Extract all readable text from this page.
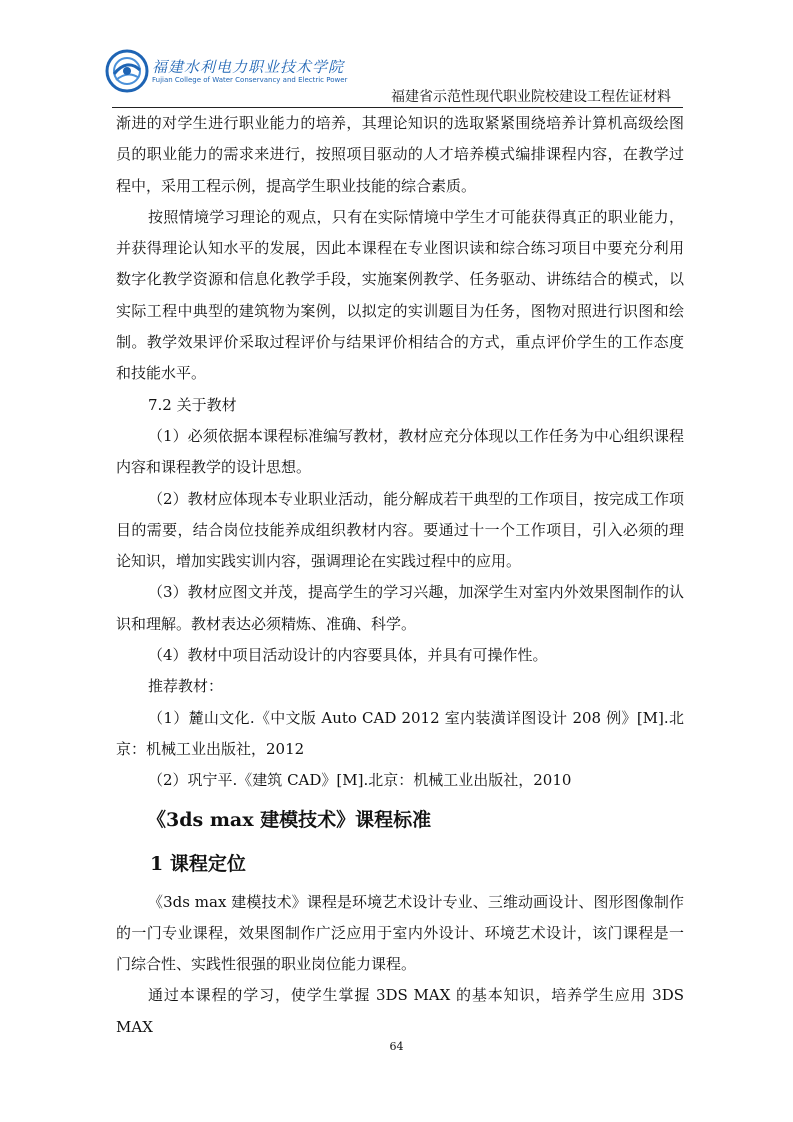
福建水利电力职业技术学院
Fujian College of Water Conservancy and Electric Power
福建省示范性现代职业院校建设工程佐证材料

渐进的对学生进行职业能力的培养，其理论知识的选取紧紧围绕培养计算机高级绘图员的职业能力的需求来进行，按照项目驱动的人才培养模式编排课程内容，在教学过程中，采用工程示例，提高学生职业技能的综合素质。

按照情境学习理论的观点，只有在实际情境中学生才可能获得真正的职业能力，并获得理论认知水平的发展，因此本课程在专业图识读和综合练习项目中要充分利用数字化教学资源和信息化教学手段，实施案例教学、任务驱动、讲练结合的模式，以实际工程中典型的建筑物为案例，以拟定的实训题目为任务，图物对照进行识图和绘制。教学效果评价采取过程评价与结果评价相结合的方式，重点评价学生的工作态度和技能水平。

7.2 关于教材

（1）必须依据本课程标准编写教材，教材应充分体现以工作任务为中心组织课程内容和课程教学的设计思想。

（2）教材应体现本专业职业活动，能分解成若干典型的工作项目，按完成工作项目的需要，结合岗位技能养成组织教材内容。要通过十一个工作项目，引入必须的理论知识，增加实践实训内容，强调理论在实践过程中的应用。

（3）教材应图文并茂，提高学生的学习兴趣，加深学生对室内外效果图制作的认识和理解。教材表达必须精炼、准确、科学。

（4）教材中项目活动设计的内容要具体，并具有可操作性。

推荐教材：

（1）麓山文化.《中文版 Auto CAD 2012 室内装潢详图设计 208 例》[M].北京：机械工业出版社，2012

（2）巩宁平.《建筑 CAD》[M].北京：机械工业出版社，2010

《3ds max 建模技术》课程标准
1 课程定位

《3ds max 建模技术》课程是环境艺术设计专业、三维动画设计、图形图像制作的一门专业课程，效果图制作广泛应用于室内外设计、环境艺术设计，该门课程是一门综合性、实践性很强的职业岗位能力课程。

通过本课程的学习，使学生掌握 3DS MAX 的基本知识，培养学生应用 3DS MAX

64
